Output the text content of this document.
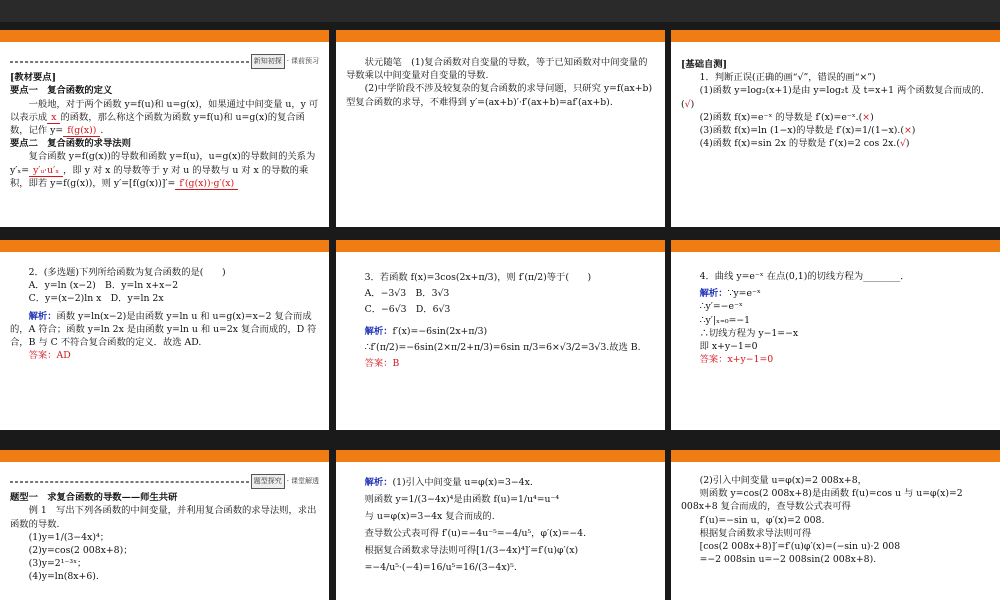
新知初探 · 课前预习

[教材要点]

要点一　复合函数的定义

一般地，对于两个函数 y=f(u)和 u=g(x)，如果通过中间变量 u，y 可以表示成 x 的函数，那么称这个函数为函数 y=f(u)和 u=g(x)的复合函数，记作 y= f(g(x)) .

要点二　复合函数的求导法则

复合函数 y=f(g(x))的导数和函数 y=f(u)，u=g(x)的导数间的关系为 y′ₓ= y′ᵤ·u′ₓ ，即 y 对 x 的导数等于 y 对 u 的导数与 u 对 x 的导数的乘积，即若 y=f(g(x))，则 y′=[f(g(x))]′= f′(g(x))·g′(x)

状元随笔　 (1)复合函数对自变量的导数，等于已知函数对中间变量的导数乘以中间变量对自变量的导数.

(2)中学阶段不涉及较复杂的复合函数的求导问题，只研究 y=f(ax+b)型复合函数的求导，不难得到 y′=(ax+b)′·f′(ax+b)=af′(ax+b).

[基础自测]

1．判断正误(正确的画“√”，错误的画“×”)

(1)函数 y=log₂(x+1)是由 y=log₂t 及 t=x+1 两个函数复合而成的．(√)

(2)函数 f(x)=e⁻ˣ 的导数是 f′(x)=e⁻ˣ.(×)

(3)函数 f(x)=ln (1−x)的导数是 f′(x)=1/(1−x).(×)

(4)函数 f(x)=sin 2x 的导数是 f′(x)=2 cos 2x.(√)

2．(多选题)下列所给函数为复合函数的是(　　)

A．y=ln (x−2)　B．y=ln x+x−2

C．y=(x−2)ln x　D．y=ln 2x

解析：函数 y=ln(x−2)是由函数 y=ln u 和 u=g(x)=x−2 复合而成的，A 符合；函数 y=ln 2x 是由函数 y=ln u 和 u=2x 复合而成的，D 符合，B 与 C 不符合复合函数的定义．故选 AD.

答案：AD

3．若函数 f(x)=3cos(2x+π/3)，则 f′(π/2)等于(　　)

A．−3√3　B．3√3

C．−6√3　D．6√3

解析：f′(x)=−6sin(2x+π/3)

∴f′(π/2)=−6sin(2×π/2+π/3)=6sin π/3=6×√3/2=3√3.故选 B.

答案：B

4．曲线 y=e⁻ˣ 在点(0,1)的切线方程为________．

解析：∵y=e⁻ˣ

∴y′=−e⁻ˣ

∴y′|ₓ₌₀=−1

∴切线方程为 y−1=−x

即 x+y−1=0

答案：x+y−1=0

题型探究 · 课堂解透

题型一　求复合函数的导数——师生共研

例 1　写出下列各函数的中间变量，并利用复合函数的求导法则，求出函数的导数.

(1)y=1/(3−4x)⁴；

(2)y=cos(2 008x+8)；

(3)y=2¹⁻³ˣ；

(4)y=ln(8x+6).

解析：(1)引入中间变量 u=φ(x)=3−4x.

则函数 y=1/(3−4x)⁴是由函数 f(u)=1/u⁴=u⁻⁴

与 u=φ(x)=3−4x 复合而成的.

查导数公式表可得 f′(u)=−4u⁻⁵=−4/u⁵，φ′(x)=−4.

根据复合函数求导法则可得[1/(3−4x)⁴]′=f′(u)φ′(x)

=−4/u⁵·(−4)=16/u⁵=16/(3−4x)⁵.

(2)引入中间变量 u=φ(x)=2 008x+8，

则函数 y=cos(2 008x+8)是由函数 f(u)=cos u 与 u=φ(x)=2 008x+8 复合而成的，查导数公式表可得

f′(u)=−sin u，φ′(x)=2 008.

根据复合函数求导法则可得

[cos(2 008x+8)]′=f′(u)φ′(x)=(−sin u)·2 008

=−2 008sin u=−2 008sin(2 008x+8).
